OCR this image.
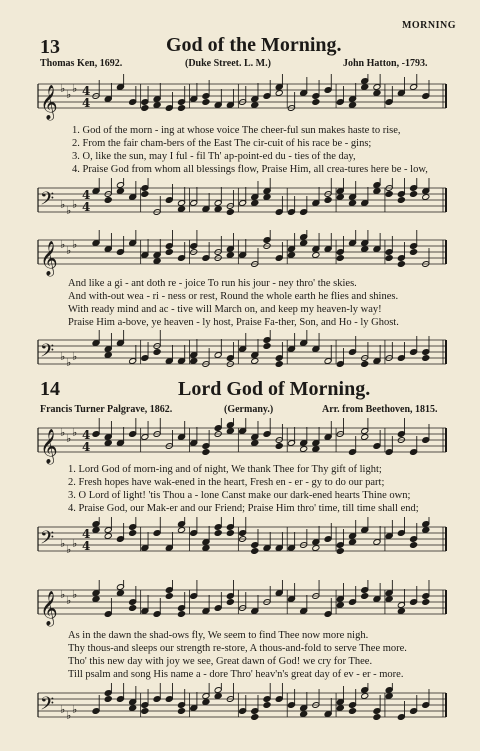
MORNING
13	God of the Morning.
Thomas Ken, 1692.	(Duke Street. L. M.)	John Hatton, -1793.
𝄞 ♭ ♭ ♭ 4
4
1. God of the morn - ing at whose voice The cheer-ful sun makes haste to rise,
2. From the fair cham-bers of the East The cir-cuit of his race be - gins;
3. O, like the sun, may I ful - fil Th' ap-point-ed du - ties of the day,
4. Praise God from whom all blessings flow, Praise Him, all crea-tures here be - low,
𝄢 ♭ ♭ ♭
4
4
𝄞 ♭ ♭ ♭
And like a gi - ant doth re - joice To run his jour - ney thro' the skies.
And with-out wea - ri - ness or rest, Round the whole earth he flies and shines.
With ready mind and ac - tive will March on, and keep my heaven-ly way!
Praise Him a-bove, ye heaven - ly host, Praise Fa-ther, Son, and Ho - ly Ghost.
𝄢 ♭ ♭ ♭
14	Lord God of Morning.
Francis Turner Palgrave, 1862.	(Germany.)	Arr. from Beethoven, 1815.
𝄞 ♭ ♭ ♭ 4
4
1. Lord God of morn-ing and of night, We thank Thee for Thy gift of light;
2. Fresh hopes have wak-ened in the heart, Fresh en - er - gy to do our part;
3. O Lord of light! 'tis Thou a - lone Canst make our dark-ened hearts Thine own;
4. Praise God, our Mak-er and our Friend; Praise Him thro' time, till time shall end;
𝄢 ♭ ♭ ♭
4
4
𝄞 ♭ ♭ ♭
As in the dawn the shad-ows fly, We seem to find Thee now more nigh.
Thy thous-and sleeps our strength re-store, A thous-and-fold to serve Thee more.
Tho' this new day with joy we see, Great dawn of God! we cry for Thee.
Till psalm and song His name a - dore Thro' heav'n's great day of ev - er - more.
𝄢 ♭ ♭ ♭
